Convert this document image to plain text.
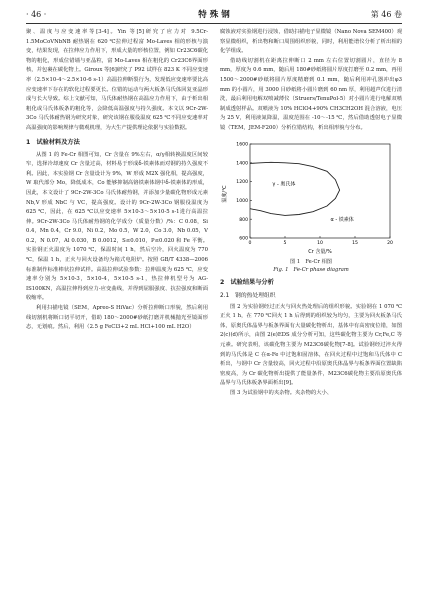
· 46 ·	特 殊 钢	第 46 卷

聚、温度与应变速率等[3-4]。Yin 等[5]研究了应力对 9.5Cr-1.5MoCoVNbNB 耐热钢在 620 ℃拉伸过程富 Mo-Laves 相的形核与演变，结果发现，在拉伸应力作用下，形成大量的形核位置，例如 Cr23C6碳化物的粗化，形成位错墙与亚晶粒，富 Mo-Laves 相在粗化的 Cr23C6界面形核，并包裹在碳化物上。Giroux 等[6]研究了 P92 试样在 823 K 不同应变速率（2.5×10-4～2.5×10-6 s-1）高温拉伸断裂行为，发现低应变速率要比高应变速率下存在的软化过程要更长。位错的运动与两大板条马氏体回复亚晶形成与长大导致。综上文献可知，马氏体耐热钢在高温应力作用下，由于析出相粗化或马氏体板条的粗化等，会降低高温强度与持久强度。本文以 9Cr-2W-3Co 马氏体耐热钢为研究对象，研究该钢在服役温度 625 ℃不同应变速率对高温强度的影响规律与微观机理，为大生产提供理论依据与实验数据。

1　试验材料及方法

从图 1 的 Fe-Cr 相图可知，Cr 含量在 9%左右，α/γ相转换温度区间较窄，选择冷却速度 Cr 含量过高，材料易于形成δ-铁素体而对钢的持久强度不利。因此，本实验钢 Cr 含量设计为 9%，W 形成 M2X 强化相，提高强度，W 取代部分 Mo，降低成本，Co 能够抑制高铬铁素体钢中δ-铁素体的形成，因此，本文设计了 9Cr-2W-3Co 马氏体耐热钢，并添加少量碳化物形成元素 Nb,V 形成 NbC 与 VC，提高强度。设计的 9Cr-2W-3Co 钢服役温度为 625 ℃，因此，在 625 ℃以应变速率 5×10-3～5×10-5 s-1进行高温拉伸。9Cr-2W-3Co 马氏体耐热钢的化学成分（质量分数）/%：C 0.08，Si 0.4，Mn 0.4，Cr 9.0，Ni 0.2，Mo 0.5，W 2.0，Co 3.0，Nb 0.05，V 0.2，N 0.07，Al 0.030，B 0.0012，S≤0.010，P≤0.020 和 Fe 平衡。实验钢正火温度为 1070 ℃，保温时间 1 h，然后空冷，回火温度为 770 ℃，保温 1 h，正火与回火设备均为箱式电阻炉。按照 GB/T 4338—2006 标准制作标准棒状拉伸试样。高温拉伸试验参数：拉伸温度为 625 ℃，应变速率分别为 5×10-3，5×10-4，5×10-5 s-1，热拉伸机型号为 AG-IS100KN，高温拉伸得到应力-应变曲线，并得到屈服强度、抗拉强度和断面收缩率。

利用扫描电镜（SEM，Apreo-S HiVac）分析拉伸断口形貌，然后利用线切割机将断口切平切开，借助 180～2000#砂纸打磨并机械抛光至镜面形态，无划痕。然后，利用（2.5 g FeCl3+2 mL HCl+100 mL H2O）

腐蚀液对实验钢进行浸蚀，借助扫描电子显微镜（Nano Nova SEM400）观察显微组织，析出物和断口周围组织形貌，同时，利用能谱仪分析了析出相的化学组成。

借助线切割机在距离拉伸断口 2 mm 左右位置切割圆片，直径为 8 mm，厚度为 0.6 mm，随后用 180#砂纸将圆片厚度打磨至 0.2 mm，再用 1500～2000#砂纸将圆片厚度精磨到 0.1 mm，随后利用冲孔器冲出φ3 mm 的小圆片，用 3000 目砂纸将小圆片磨到 60 nm 厚，利用超声仪进行清洗，最后利用电解双喷减薄仪（Struers/TenuPol-5）对小圆片进行电解双喷制成透射样品。双喷液为 10% HClO4+90% CH3CH2OH 混合溶液，电压为 25 V，利用液氮降温，温度范围在 -10～-15 ℃，然后借助透射电子显微镜（TEM，JEM-F200）分析位错结构，析出相形貌与分布。

0	5	10	15	20
600
800
1000
1200
1400
1600
温度/℃
Cr 含量/%
γ - 奥氏体
α - 铁素体
图 1　Fe-Cr 相图
Fig. 1　Fe-Cr phase diagram
2　试验结果与分析
2.1　钢的热处理组织

图 2 为实验钢经过正火与回火热处理后的组织形貌。实验钢在 1 070 ℃正火 1 h，在 770 ℃回火 1 h 后得到的组织较为均匀，主要为回火板条马氏体，原奥氏体晶界与板条界面有大量碳化物析出，基体中有高密度位错，如图 2(c)(d)所示，由图 2(e)EDS 成分分析可知，这些碳化物主要为 Cr,Fe,C 等元素。研究表明，该碳化物主要为 M23C6碳化物[7-8]。试验钢经过淬火得到的马氏体是 C 在α-Fe 中过饱和固溶体，在回火过程中过饱和马氏体中 C 析出，与钢中 Cr 含量较高，回火过程中沿原奥氏体晶界与板条界面位置缺陷密度高，为 Cr 碳化物析出提供了能量条件，M23C6碳化物主要沿原奥氏体晶界与马氏体板条界面析出[9]。

图 3 为试验钢中的夹杂物。夹杂物的大小、
